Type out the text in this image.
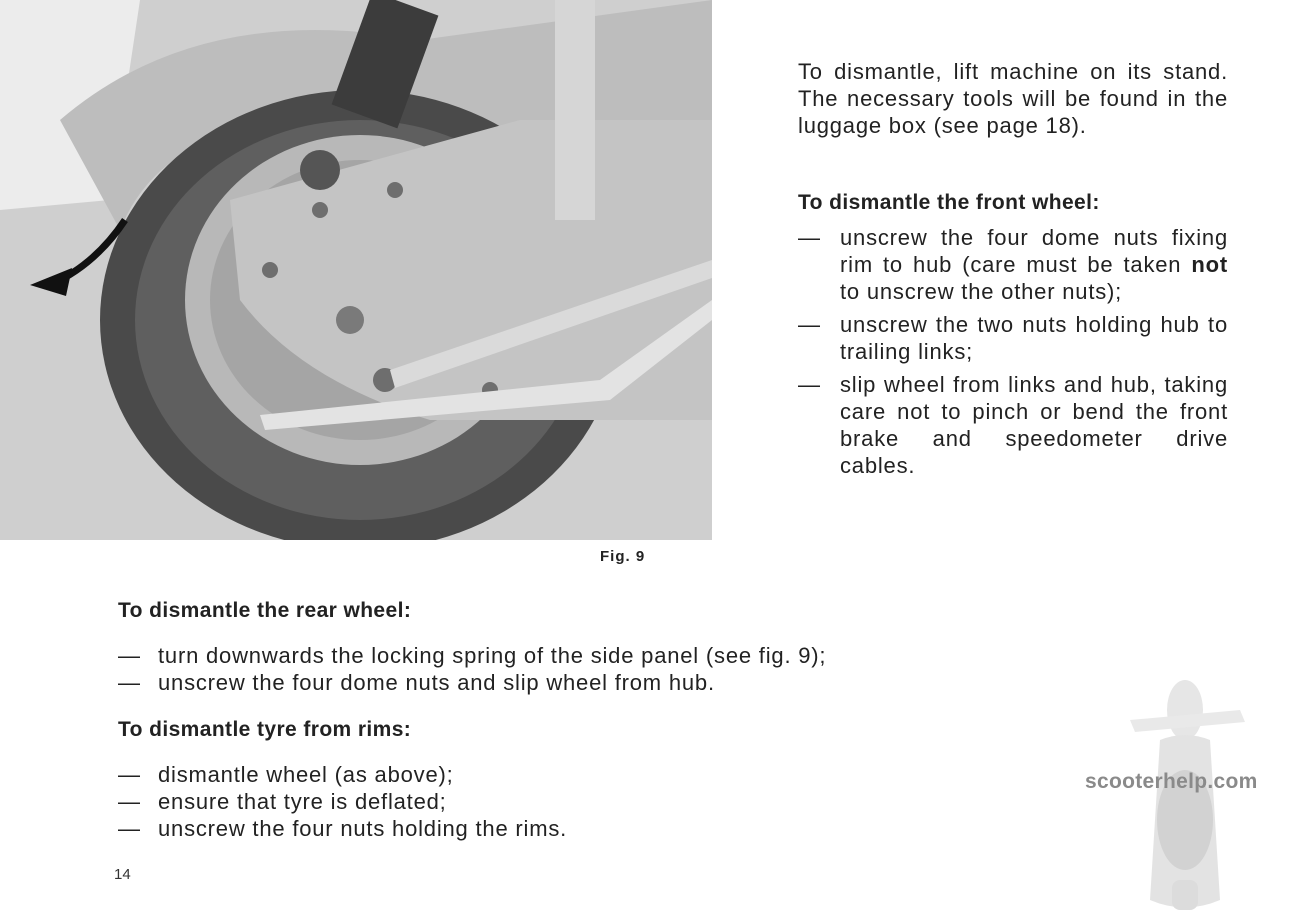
Fig. 9

To dismantle, lift machine on its stand. The necessary tools will be found in the luggage box (see page 18).

To dismantle the front wheel:
— unscrew the four dome nuts fixing rim to hub (care must be taken not to unscrew the other nuts);
— unscrew the two nuts holding hub to trailing links;
— slip wheel from links and hub, taking care not to pinch or bend the front brake and speedometer drive cables.
To dismantle the rear wheel:
— turn downwards the locking spring of the side panel (see fig. 9);
— unscrew the four dome nuts and slip wheel from hub.
To dismantle tyre from rims:
— dismantle wheel (as above);
— ensure that tyre is deflated;
— unscrew the four nuts holding the rims.
14
scooterhelp.com
